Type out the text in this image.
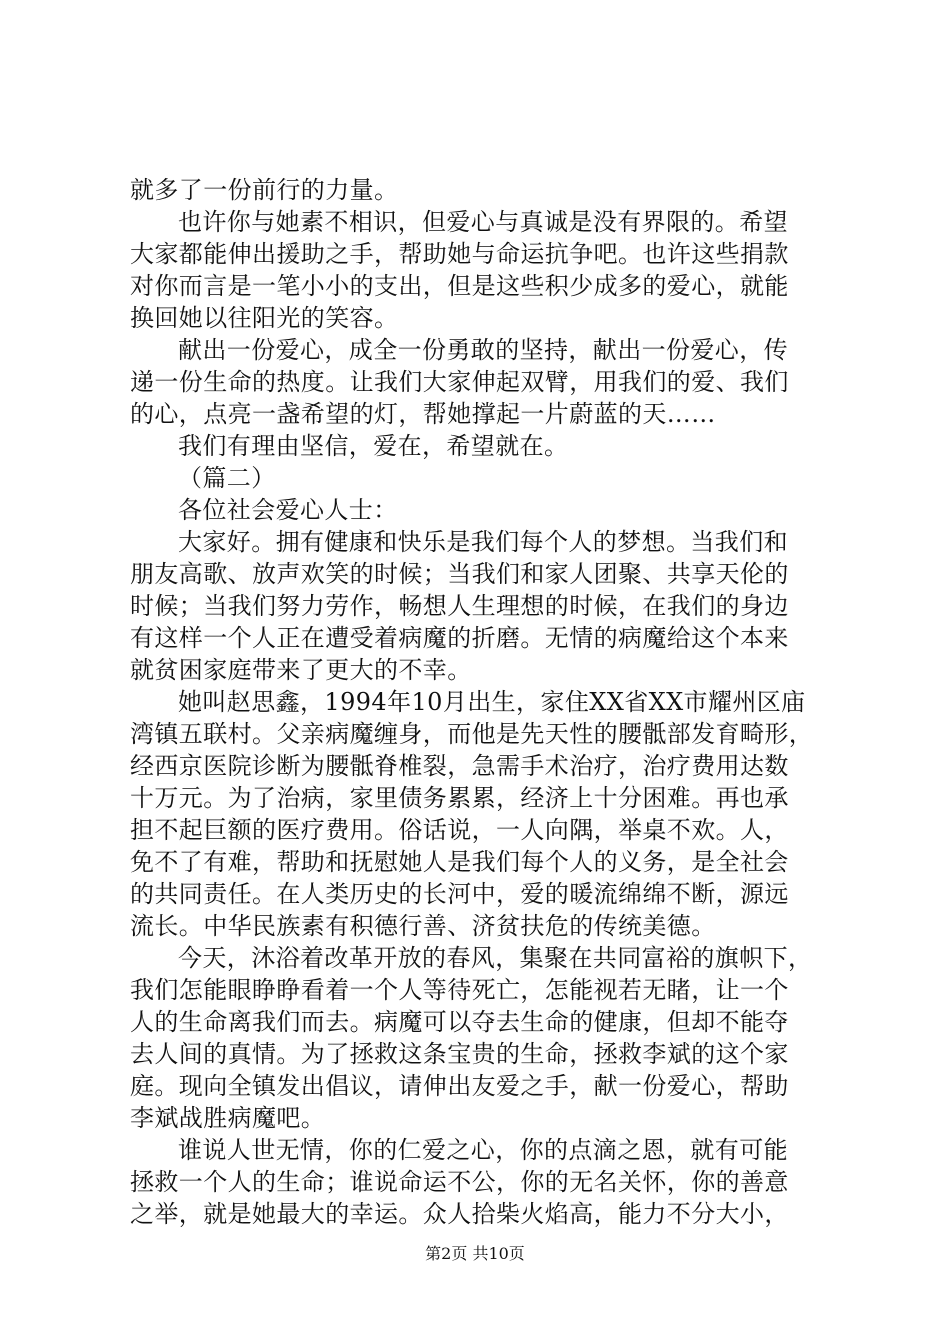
就多了一份前行的力量。
也许你与她素不相识，但爱心与真诚是没有界限的。希望
大家都能伸出援助之手，帮助她与命运抗争吧。也许这些捐款
对你而言是一笔小小的支出，但是这些积少成多的爱心，就能
换回她以往阳光的笑容。
献出一份爱心，成全一份勇敢的坚持，献出一份爱心，传
递一份生命的热度。让我们大家伸起双臂，用我们的爱、我们
的心，点亮一盏希望的灯，帮她撑起一片蔚蓝的天……
我们有理由坚信，爱在，希望就在。
（篇二）
各位社会爱心人士：
大家好。拥有健康和快乐是我们每个人的梦想。当我们和
朋友高歌、放声欢笑的时候；当我们和家人团聚、共享天伦的
时候；当我们努力劳作，畅想人生理想的时候，在我们的身边
有这样一个人正在遭受着病魔的折磨。无情的病魔给这个本来
就贫困家庭带来了更大的不幸。
她叫赵思鑫，1994年10月出生，家住XX省XX市耀州区庙
湾镇五联村。父亲病魔缠身，而他是先天性的腰骶部发育畸形，
经西京医院诊断为腰骶脊椎裂，急需手术治疗，治疗费用达数
十万元。为了治病，家里债务累累，经济上十分困难。再也承
担不起巨额的医疗费用。俗话说，一人向隅，举桌不欢。人，
免不了有难，帮助和抚慰她人是我们每个人的义务，是全社会
的共同责任。在人类历史的长河中，爱的暖流绵绵不断，源远
流长。中华民族素有积德行善、济贫扶危的传统美德。
今天，沐浴着改革开放的春风，集聚在共同富裕的旗帜下，
我们怎能眼睁睁看着一个人等待死亡，怎能视若无睹，让一个
人的生命离我们而去。病魔可以夺去生命的健康，但却不能夺
去人间的真情。为了拯救这条宝贵的生命，拯救李斌的这个家
庭。现向全镇发出倡议，请伸出友爱之手，献一份爱心，帮助
李斌战胜病魔吧。
谁说人世无情，你的仁爱之心，你的点滴之恩，就有可能
拯救一个人的生命；谁说命运不公，你的无名关怀，你的善意
之举，就是她最大的幸运。众人拾柴火焰高，能力不分大小，
第2页 共10页
